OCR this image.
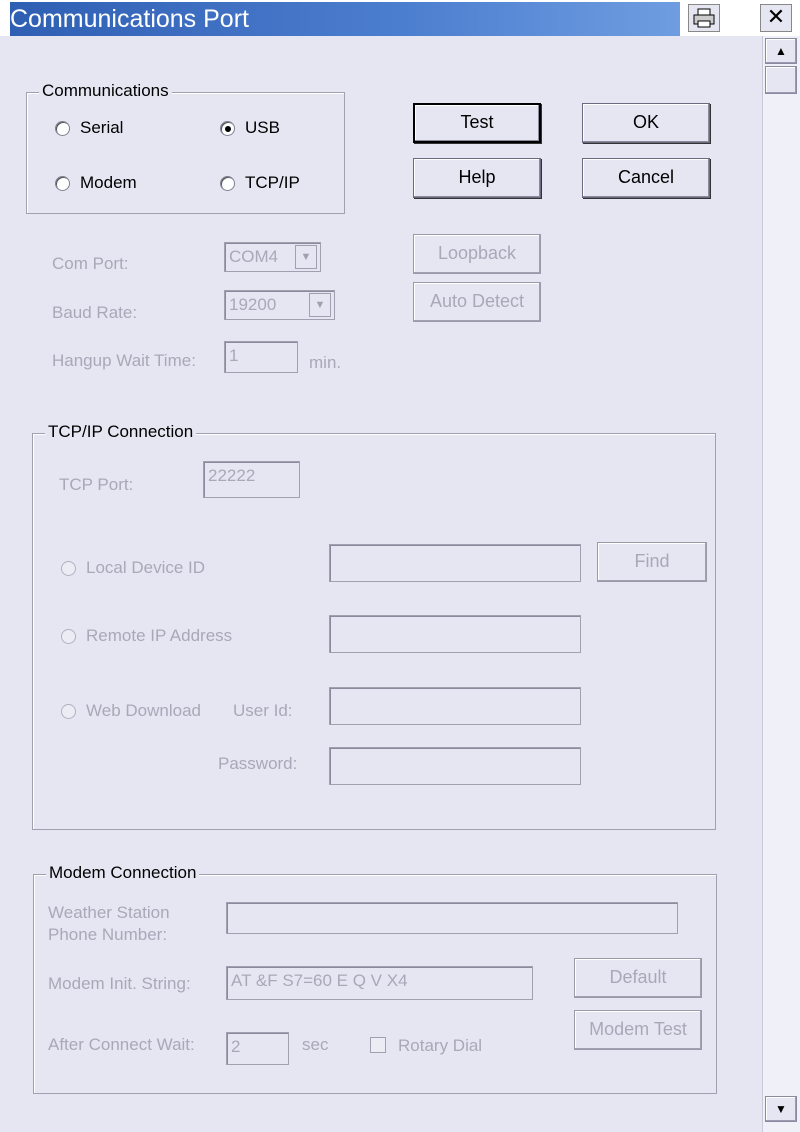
Communications Port	✕
Communications
Serial	USB
Modem	TCP/IP
Test	OK
Help	Cancel
Loopback
Auto Detect
Com Port:	COM4	▼
Baud Rate:	19200	▼
Hangup Wait Time: 1	min.
TCP/IP Connection
TCP Port:	22222
Local Device ID	Find
Remote IP Address
Web Download User Id:
Password:
Modem Connection
Weather Station
Phone Number:
Modem Init. String: AT &F S7=60 E Q V X4	Default
After Connect Wait: 2	sec	Rotary Dial
Modem Test
▲
▼
